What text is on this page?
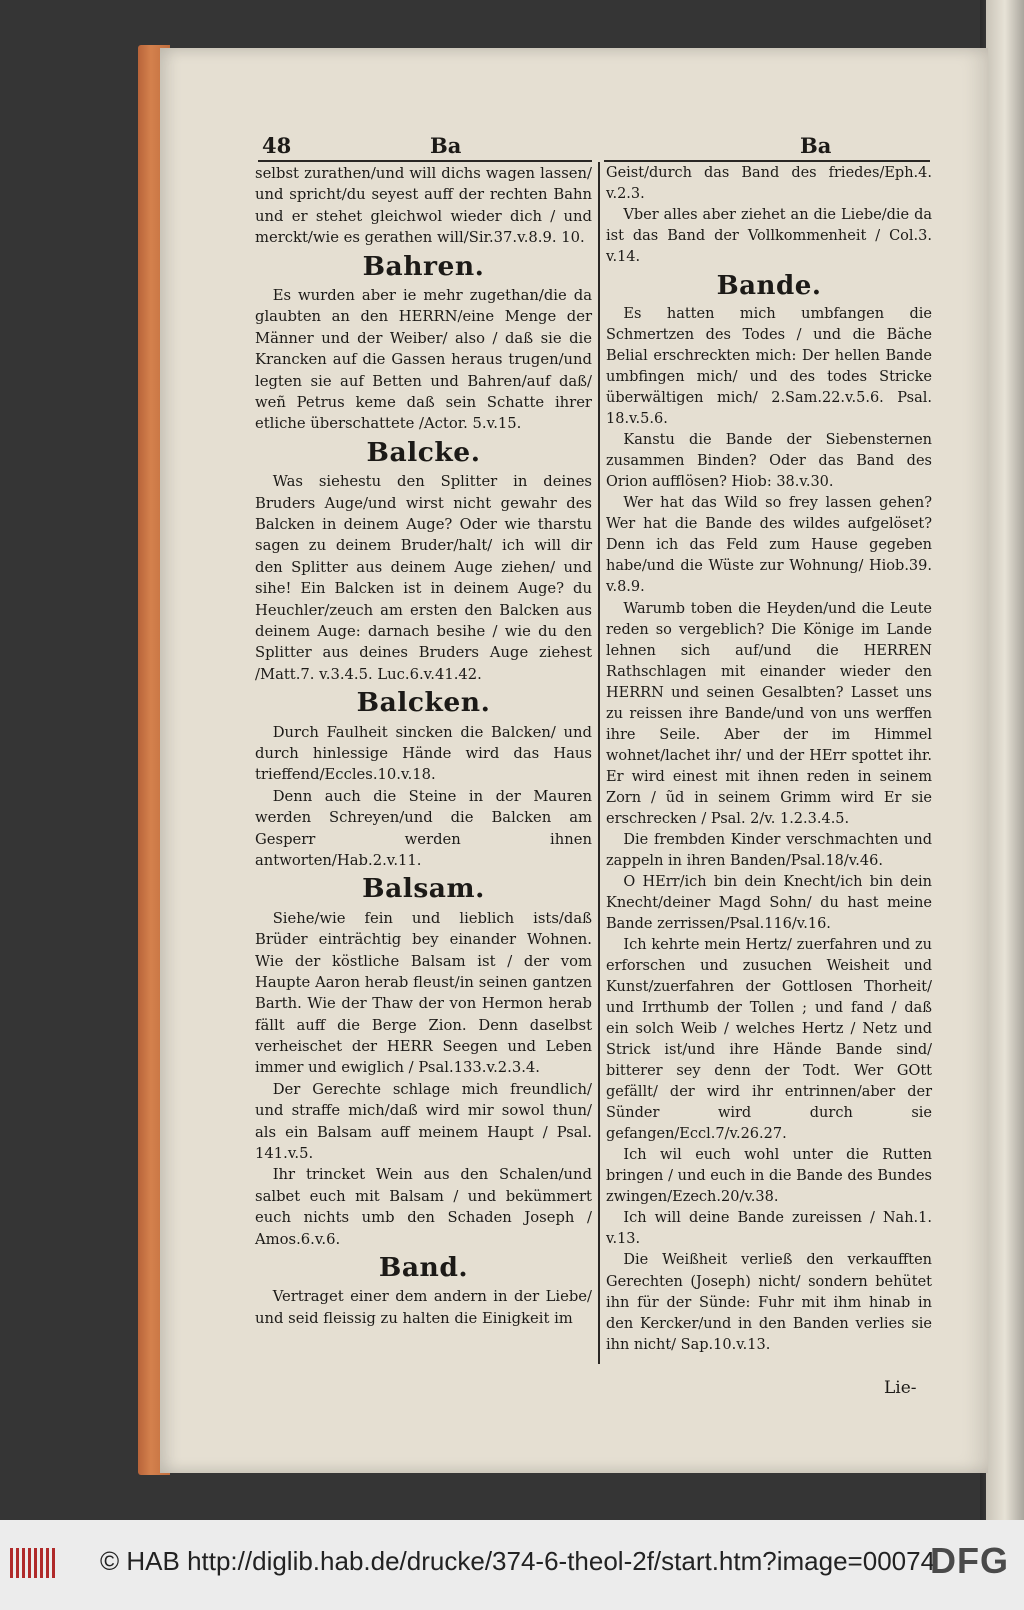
48	Ba	Ba

selbst zurathen/und will dichs wagen lassen/ und spricht/du seyest auff der rechten Bahn und er stehet gleichwol wieder dich / und merckt/wie es gerathen will/Sir.37.v.8.9. 10.

Bahren.

Es wurden aber ie mehr zugethan/die da glaubten an den HERRN/eine Menge der Männer und der Weiber/ also / daß sie die Krancken auf die Gassen heraus trugen/und legten sie auf Betten und Bahren/auf daß/ weñ Petrus keme daß sein Schatte ihrer etliche überschattete /Actor. 5.v.15.

Balcke.

Was siehestu den Splitter in deines Bruders Auge/und wirst nicht gewahr des Balcken in deinem Auge? Oder wie tharstu sagen zu deinem Bruder/halt/ ich will dir den Splitter aus deinem Auge ziehen/ und sihe! Ein Balcken ist in deinem Auge? du Heuchler/zeuch am ersten den Balcken aus deinem Auge: darnach besihe / wie du den Splitter aus deines Bruders Auge ziehest /Matt.7. v.3.4.5. Luc.6.v.41.42.

Balcken.

Durch Faulheit sincken die Balcken/ und durch hinlessige Hände wird das Haus trieffend/Eccles.10.v.18.

Denn auch die Steine in der Mauren werden Schreyen/und die Balcken am Gesperr werden ihnen antworten/Hab.2.v.11.

Balsam.

Siehe/wie fein und lieblich ists/daß Brüder einträchtig bey einander Wohnen. Wie der köstliche Balsam ist / der vom Haupte Aaron herab fleust/in seinen gantzen Barth. Wie der Thaw der von Hermon herab fällt auff die Berge Zion. Denn daselbst verheischet der HERR Seegen und Leben immer und ewiglich / Psal.133.v.2.3.4.

Der Gerechte schlage mich freundlich/ und straffe mich/daß wird mir sowol thun/ als ein Balsam auff meinem Haupt / Psal. 141.v.5.

Ihr trincket Wein aus den Schalen/und salbet euch mit Balsam / und bekümmert euch nichts umb den Schaden Joseph / Amos.6.v.6.

Band.

Vertraget einer dem andern in der Liebe/ und seid fleissig zu halten die Einigkeit im

Geist/durch das Band des friedes/Eph.4. v.2.3.

Vber alles aber ziehet an die Liebe/die da ist das Band der Vollkommenheit / Col.3. v.14.

Bande.

Es hatten mich umbfangen die Schmertzen des Todes / und die Bäche Belial erschreckten mich: Der hellen Bande umbfingen mich/ und des todes Stricke überwältigen mich/ 2.Sam.22.v.5.6. Psal. 18.v.5.6.

Kanstu die Bande der Siebensternen zusammen Binden? Oder das Band des Orion aufflösen? Hiob: 38.v.30.

Wer hat das Wild so frey lassen gehen? Wer hat die Bande des wildes aufgelöset? Denn ich das Feld zum Hause gegeben habe/und die Wüste zur Wohnung/ Hiob.39. v.8.9.

Warumb toben die Heyden/und die Leute reden so vergeblich? Die Könige im Lande lehnen sich auf/und die HERREN Rathschlagen mit einander wieder den HERRN und seinen Gesalbten? Lasset uns zu reissen ihre Bande/und von uns werffen ihre Seile. Aber der im Himmel wohnet/lachet ihr/ und der HErr spottet ihr. Er wird einest mit ihnen reden in seinem Zorn / ũd in seinem Grimm wird Er sie erschrecken / Psal. 2/v. 1.2.3.4.5.

Die frembden Kinder verschmachten und zappeln in ihren Banden/Psal.18/v.46.

O HErr/ich bin dein Knecht/ich bin dein Knecht/deiner Magd Sohn/ du hast meine Bande zerrissen/Psal.116/v.16.

Ich kehrte mein Hertz/ zuerfahren und zu erforschen und zusuchen Weisheit und Kunst/zuerfahren der Gottlosen Thorheit/ und Irrthumb der Tollen ; und fand / daß ein solch Weib / welches Hertz / Netz und Strick ist/und ihre Hände Bande sind/ bitterer sey denn der Todt. Wer GOtt gefällt/ der wird ihr entrinnen/aber der Sünder wird durch sie gefangen/Eccl.7/v.26.27.

Ich wil euch wohl unter die Rutten bringen / und euch in die Bande des Bundes zwingen/Ezech.20/v.38.

Ich will deine Bande zureissen / Nah.1. v.13.

Die Weißheit verließ den verkaufften Gerechten (Joseph) nicht/ sondern behütet ihn für der Sünde: Fuhr mit ihm hinab in den Kercker/und in den Banden verlies sie ihn nicht/ Sap.10.v.13.

Lie-
© HAB http://diglib.hab.de/drucke/374-6-theol-2f/start.htm?image=00074
DFG
